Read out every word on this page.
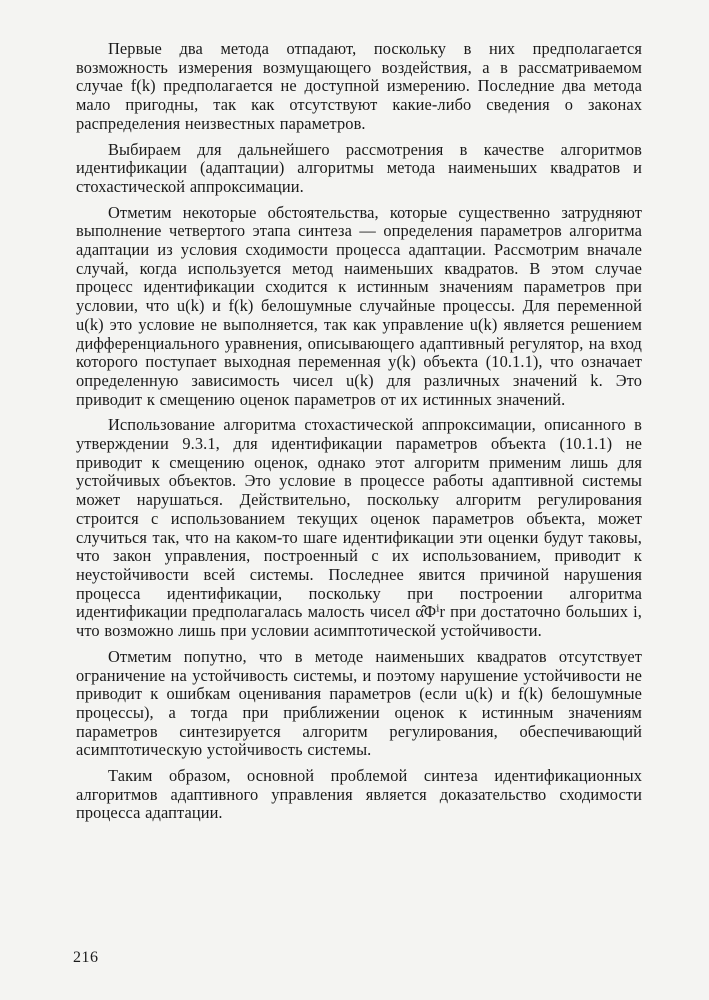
Первые два метода отпадают, поскольку в них предполагается возможность измерения возмущающего воздействия, а в рассматриваемом случае f(k) предполагается не доступной измерению. Последние два метода мало пригодны, так как отсутствуют какие-либо сведения о законах распределения неизвестных параметров.

Выбираем для дальнейшего рассмотрения в качестве алгоритмов идентификации (адаптации) алгоритмы метода наименьших квадратов и стохастической аппроксимации.

Отметим некоторые обстоятельства, которые существенно затрудняют выполнение четвертого этапа синтеза — определения параметров алгоритма адаптации из условия сходимости процесса адаптации. Рассмотрим вначале случай, когда используется метод наименьших квадратов. В этом случае процесс идентификации сходится к истинным значениям параметров при условии, что u(k) и f(k) белошумные случайные процессы. Для переменной u(k) это условие не выполняется, так как управление u(k) является решением дифференциального уравнения, описывающего адаптивный регулятор, на вход которого поступает выходная переменная y(k) объекта (10.1.1), что означает определенную зависимость чисел u(k) для различных значений k. Это приводит к смещению оценок параметров от их истинных значений.

Использование алгоритма стохастической аппроксимации, описанного в утверждении 9.3.1, для идентификации параметров объекта (10.1.1) не приводит к смещению оценок, однако этот алгоритм применим лишь для устойчивых объектов. Это условие в процессе работы адаптивной системы может нарушаться. Действительно, поскольку алгоритм регулирования строится с использованием текущих оценок параметров объекта, может случиться так, что на каком-то шаге идентификации эти оценки будут таковы, что закон управления, построенный с их использованием, приводит к неустойчивости всей системы. Последнее явится причиной нарушения процесса идентификации, поскольку при построении алгоритма идентификации предполагалась малость чисел α̂Φⁱr при достаточно больших i, что возможно лишь при условии асимптотической устойчивости.

Отметим попутно, что в методе наименьших квадратов отсутствует ограничение на устойчивость системы, и поэтому нарушение устойчивости не приводит к ошибкам оценивания параметров (если u(k) и f(k) белошумные процессы), а тогда при приближении оценок к истинным значениям параметров синтезируется алгоритм регулирования, обеспечивающий асимптотическую устойчивость системы.

Таким образом, основной проблемой синтеза идентификационных алгоритмов адаптивного управления является доказательство сходимости процесса адаптации.

216
